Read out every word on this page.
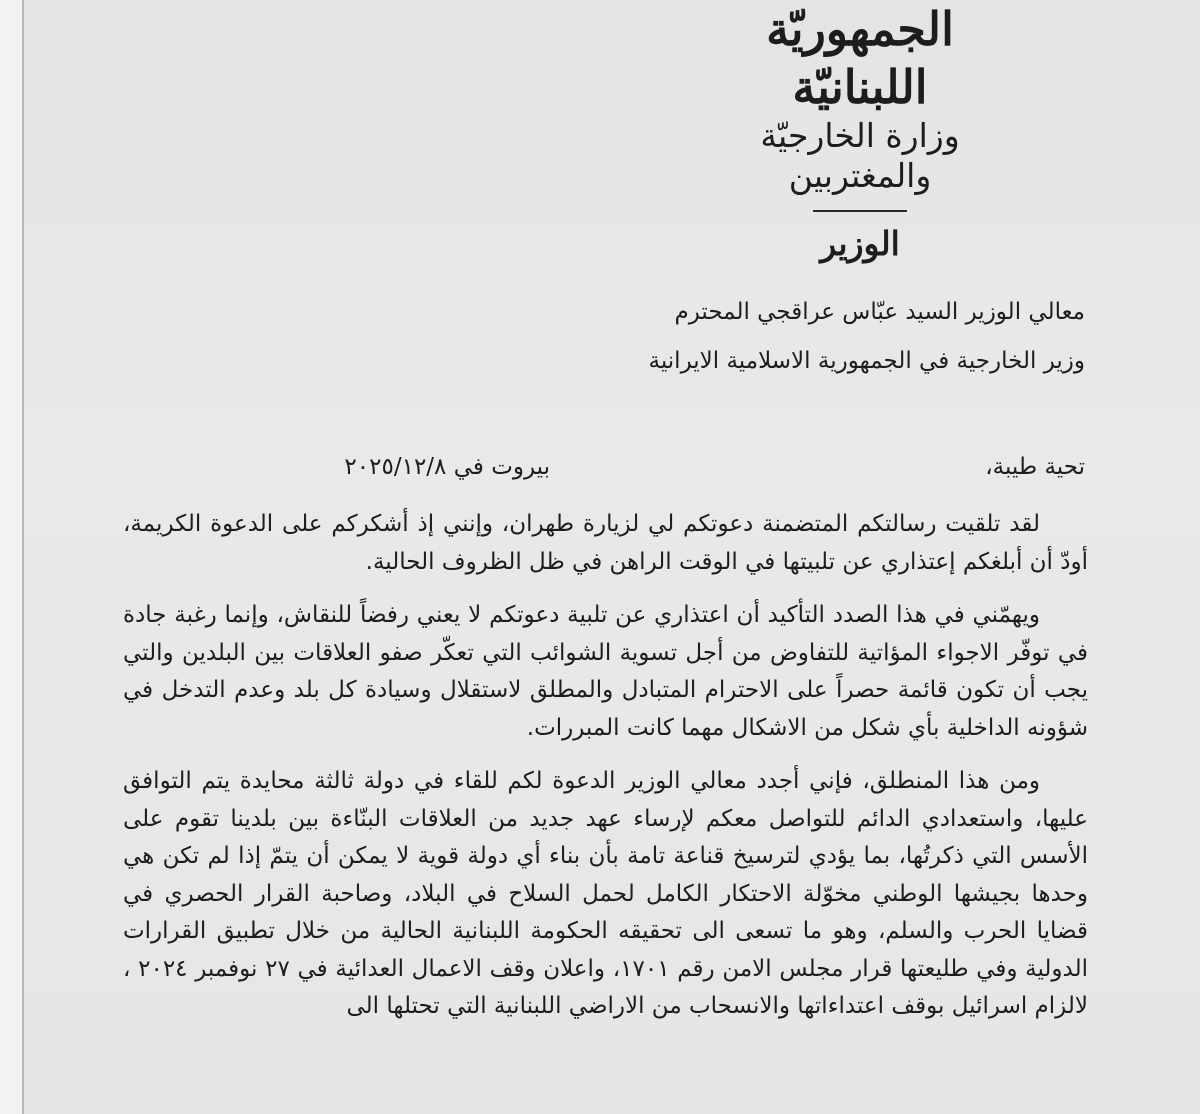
الجمهوريّة اللبنانيّة
وزارة الخارجيّة والمغتربين
الوزير
معالي الوزير السيد عبّاس عراقجي المحترم
وزير الخارجية في الجمهورية الاسلامية الايرانية
تحية طيبة،
بيروت في ٢٠٢٥/١٢/٨

لقد تلقيت رسالتكم المتضمنة دعوتكم لي لزيارة طهران، وإنني إذ أشكركم على الدعوة الكريمة، أودّ أن أبلغكم إعتذاري عن تلبيتها في الوقت الراهن في ظل الظروف الحالية.

ويهمّني في هذا الصدد التأكيد أن اعتذاري عن تلبية دعوتكم لا يعني رفضاً للنقاش، وإنما رغبة جادة في توفّر الاجواء المؤاتية للتفاوض من أجل تسوية الشوائب التي تعكّر صفو العلاقات بين البلدين والتي يجب أن تكون قائمة حصراً على الاحترام المتبادل والمطلق لاستقلال وسيادة كل بلد وعدم التدخل في شؤونه الداخلية بأي شكل من الاشكال مهما كانت المبررات.

ومن هذا المنطلق، فإني أجدد معالي الوزير الدعوة لكم للقاء في دولة ثالثة محايدة يتم التوافق عليها، واستعدادي الدائم للتواصل معكم لإرساء عهد جديد من العلاقات البنّاءة بين بلدينا تقوم على الأسس التي ذكرتُها، بما يؤدي لترسيخ قناعة تامة بأن بناء أي دولة قوية لا يمكن أن يتمّ إذا لم تكن هي وحدها بجيشها الوطني مخوّلة الاحتكار الكامل لحمل السلاح في البلاد، وصاحبة القرار الحصري في قضايا الحرب والسلم، وهو ما تسعى الى تحقيقه الحكومة اللبنانية الحالية من خلال تطبيق القرارات الدولية وفي طليعتها قرار مجلس الامن رقم ١٧٠١، واعلان وقف الاعمال العدائية في ٢٧ نوفمبر ٢٠٢٤ ، لالزام اسرائيل بوقف اعتداءاتها والانسحاب من الاراضي اللبنانية التي تحتلها الى
